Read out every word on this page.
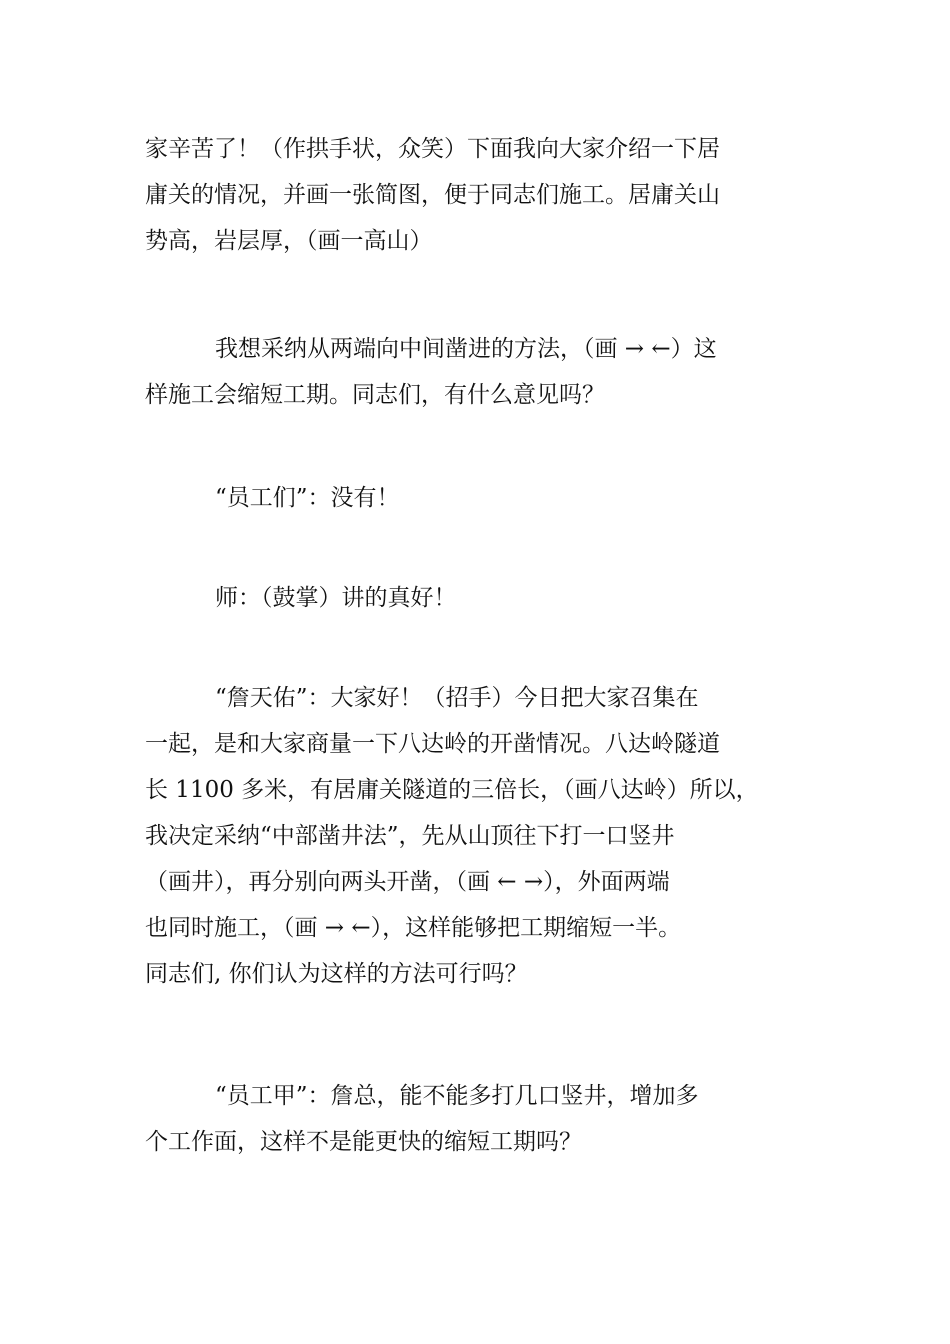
家辛苦了！（作拱手状，众笑）下面我向大家介绍一下居
庸关的情况，并画一张简图，便于同志们施工。居庸关山
势高，岩层厚，（画一高山）
我想采纳从两端向中间凿进的方法，（画 → ←）这
样施工会缩短工期。同志们，有什么意见吗？
“员工们”：没有！
师：（鼓掌）讲的真好！
“詹天佑”：大家好！（招手）今日把大家召集在
一起，是和大家商量一下八达岭的开凿情况。八达岭隧道
长 1100 多米，有居庸关隧道的三倍长，（画八达岭）所以，
我决定采纳“中部凿井法”，先从山顶往下打一口竖井
（画井），再分别向两头开凿，（画 ← →），外面两端
也同时施工，（画 → ←），这样能够把工期缩短一半。
同志们, 你们认为这样的方法可行吗？
“员工甲”：詹总，能不能多打几口竖井，增加多
个工作面，这样不是能更快的缩短工期吗？
